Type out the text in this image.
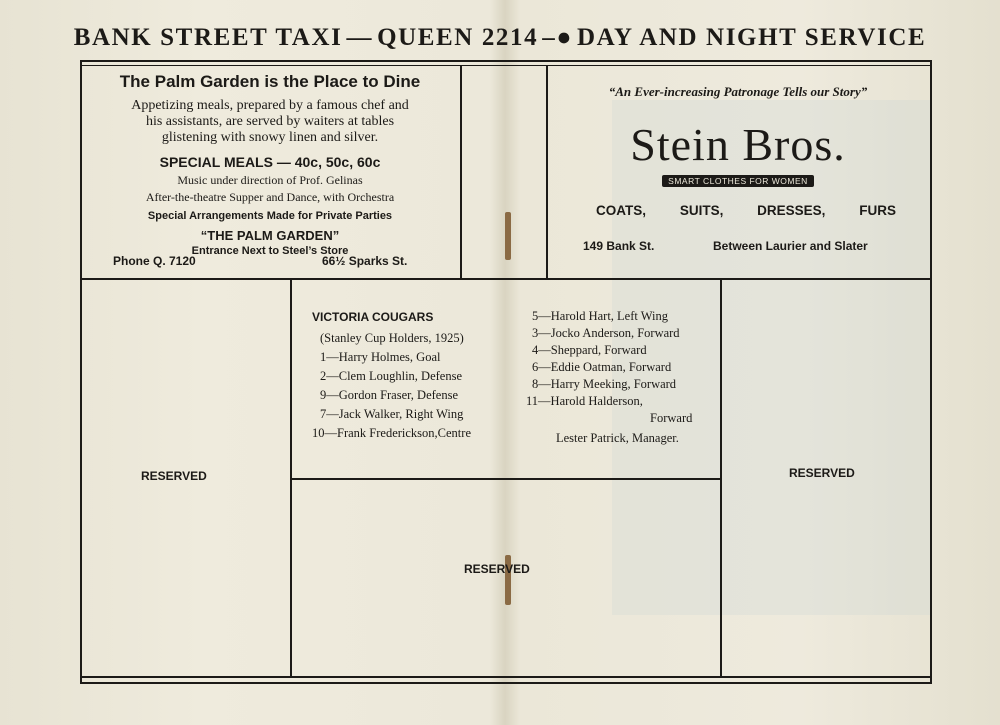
BANK STREET TAXI — QUEEN 2214 –● DAY AND NIGHT SERVICE
The Palm Garden is the Place to Dine
Appetizing meals, prepared by a famous chef and
his assistants, are served by waiters at tables
glistening with snowy linen and silver.
SPECIAL MEALS — 40c, 50c, 60c
Music under direction of Prof. Gelinas
After-the-theatre Supper and Dance, with Orchestra
Special Arrangements Made for Private Parties
“THE PALM GARDEN”
Entrance Next to Steel’s Store
Phone Q. 7120	66½ Sparks St.
“An Ever-increasing Patronage Tells our Story”
Stein Bros.
SMART CLOTHES FOR WOMEN
COATS,	SUITS,	DRESSES,	FURS
149 Bank St.	Between Laurier and Slater
VICTORIA COUGARS
(Stanley Cup Holders, 1925)
1—Harry Holmes, Goal
2—Clem Loughlin, Defense
9—Gordon Fraser, Defense
7—Jack Walker, Right Wing
10—Frank Frederickson,Centre
5—Harold Hart, Left Wing
3—Jocko Anderson, Forward
4—Sheppard, Forward
6—Eddie Oatman, Forward
8—Harry Meeking, Forward
11—Harold Halderson,
Forward
Lester Patrick, Manager.
RESERVED	RESERVED
RESERVED
